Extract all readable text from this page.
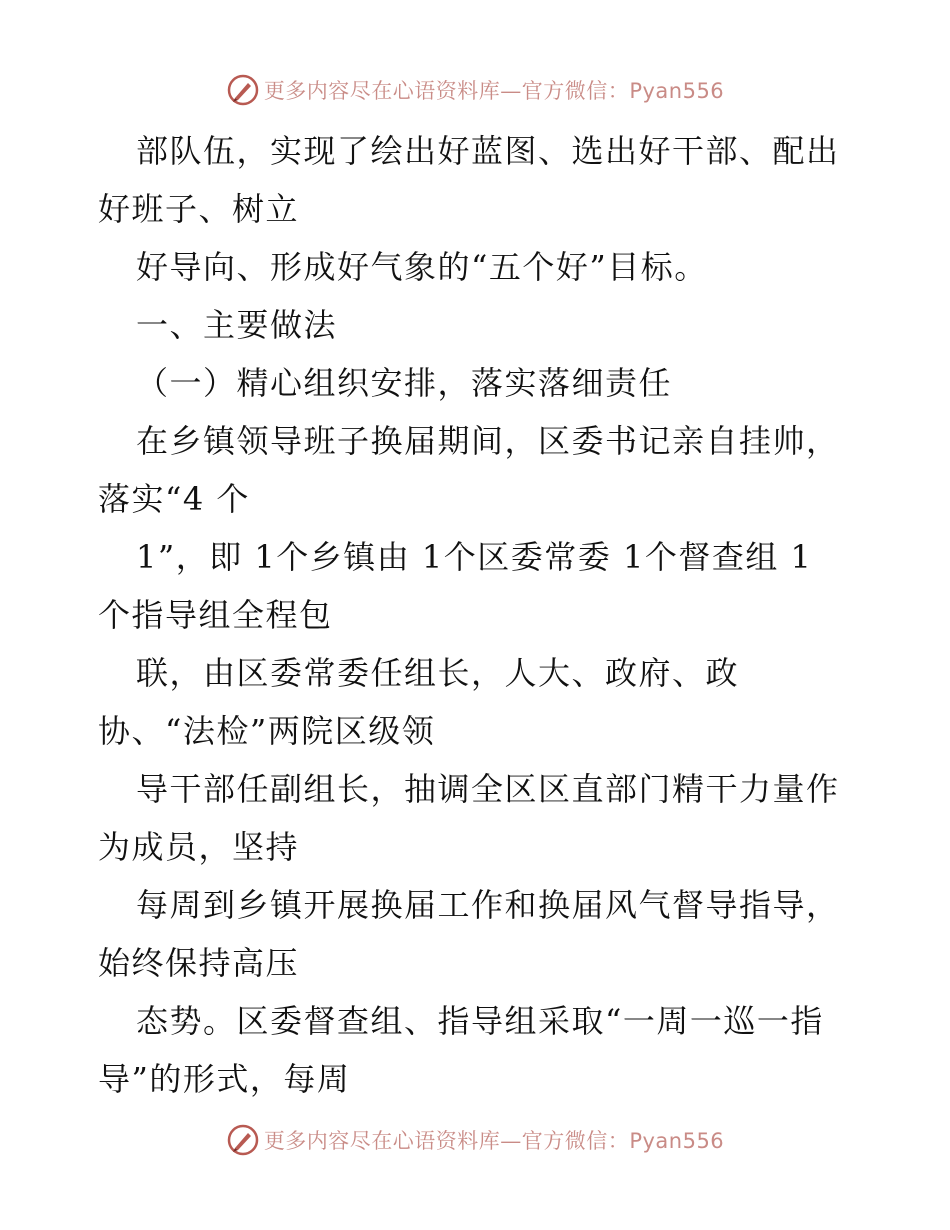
更多内容尽在心语资料库—官方微信：Pyan556
部队伍，实现了绘出好蓝图、选出好干部、配出
好班子、树立
好导向、形成好气象的“五个好”目标。
一、主要做法
（一）精心组织安排，落实落细责任
在乡镇领导班子换届期间，区委书记亲自挂帅，
落实“4 个
1”，即 1个乡镇由 1个区委常委 1个督查组 1
个指导组全程包
联，由区委常委任组长，人大、政府、政
协、“法检”两院区级领
导干部任副组长，抽调全区区直部门精干力量作
为成员，坚持
每周到乡镇开展换届工作和换届风气督导指导，
始终保持高压
态势。区委督查组、指导组采取“一周一巡一指
导”的形式，每周
更多内容尽在心语资料库—官方微信：Pyan556
